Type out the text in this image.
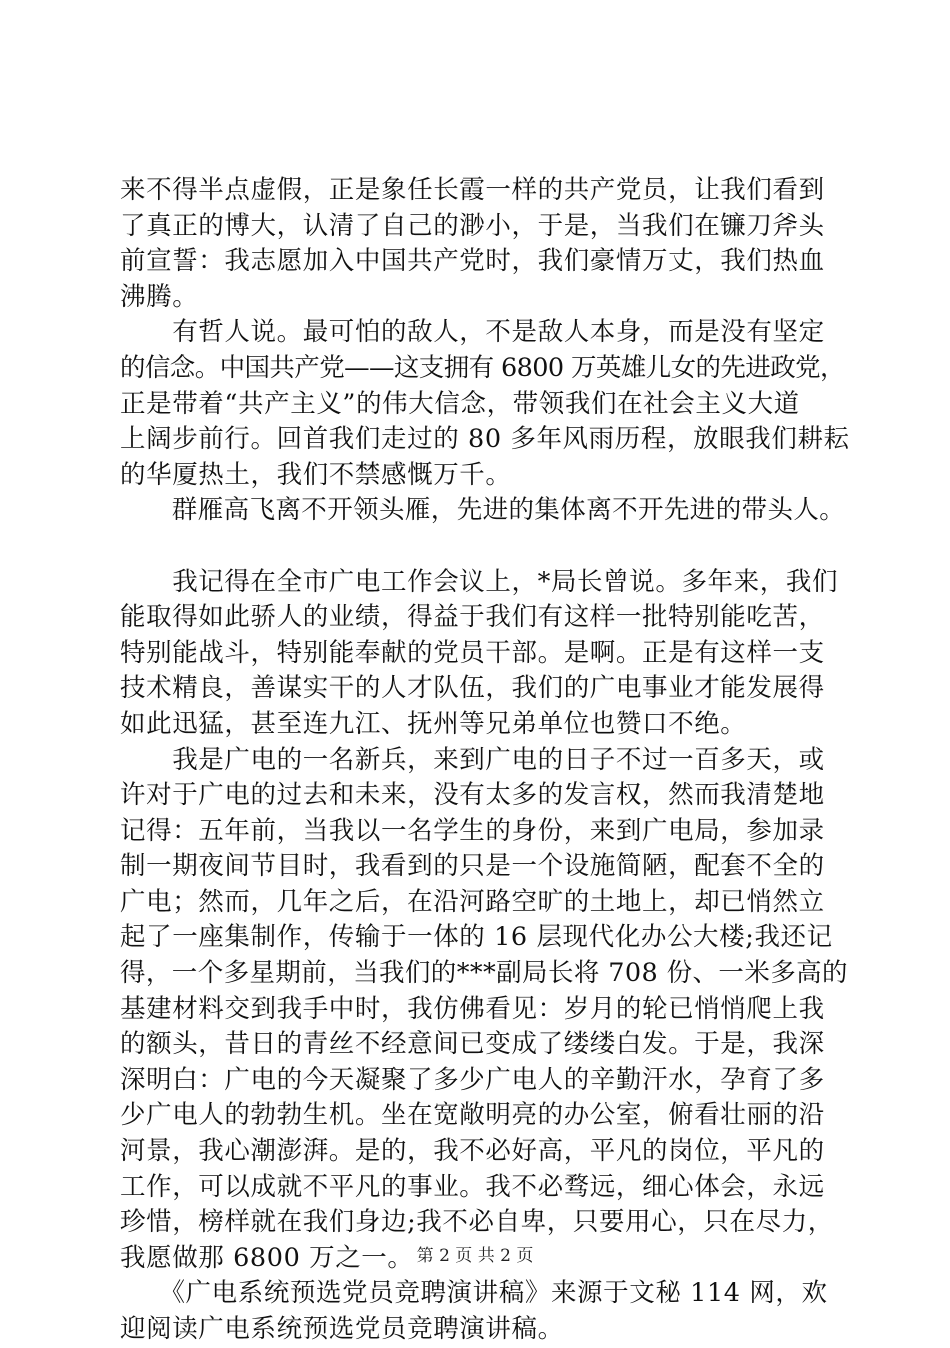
来不得半点虚假，正是象任长霞一样的共产党员，让我们看到
了真正的博大，认清了自己的渺小，于是，当我们在镰刀斧头
前宣誓：我志愿加入中国共产党时，我们豪情万丈，我们热血
沸腾。
　　有哲人说。最可怕的敌人，不是敌人本身，而是没有坚定
的信念。中国共产党——这支拥有 6800 万英雄儿女的先进政党，
正是带着“共产主义”的伟大信念，带领我们在社会主义大道
上阔步前行。回首我们走过的 80 多年风雨历程，放眼我们耕耘
的华厦热土，我们不禁感慨万千。
　　群雁高飞离不开领头雁，先进的集体离不开先进的带头人。
　　我记得在全市广电工作会议上，*局长曾说。多年来，我们
能取得如此骄人的业绩，得益于我们有这样一批特别能吃苦，
特别能战斗，特别能奉献的党员干部。是啊。正是有这样一支
技术精良，善谋实干的人才队伍，我们的广电事业才能发展得
如此迅猛，甚至连九江、抚州等兄弟单位也赞口不绝。
　　我是广电的一名新兵，来到广电的日子不过一百多天，或
许对于广电的过去和未来，没有太多的发言权，然而我清楚地
记得：五年前，当我以一名学生的身份，来到广电局，参加录
制一期夜间节目时，我看到的只是一个设施简陋，配套不全的
广电；然而，几年之后，在沿河路空旷的土地上，却已悄然立
起了一座集制作，传输于一体的 16 层现代化办公大楼;我还记
得，一个多星期前，当我们的***副局长将 708 份、一米多高的
基建材料交到我手中时，我仿佛看见：岁月的轮已悄悄爬上我
的额头，昔日的青丝不经意间已变成了缕缕白发。于是，我深
深明白：广电的今天凝聚了多少广电人的辛勤汗水，孕育了多
少广电人的勃勃生机。坐在宽敞明亮的办公室，俯看壮丽的沿
河景，我心潮澎湃。是的，我不必好高，平凡的岗位，平凡的
工作，可以成就不平凡的事业。我不必骛远，细心体会，永远
珍惜，榜样就在我们身边;我不必自卑，只要用心，只在尽力，
我愿做那 6800 万之一。
　　《广电系统预选党员竞聘演讲稿》来源于文秘 114 网，欢
迎阅读广电系统预选党员竞聘演讲稿。
第 2 页 共 2 页
